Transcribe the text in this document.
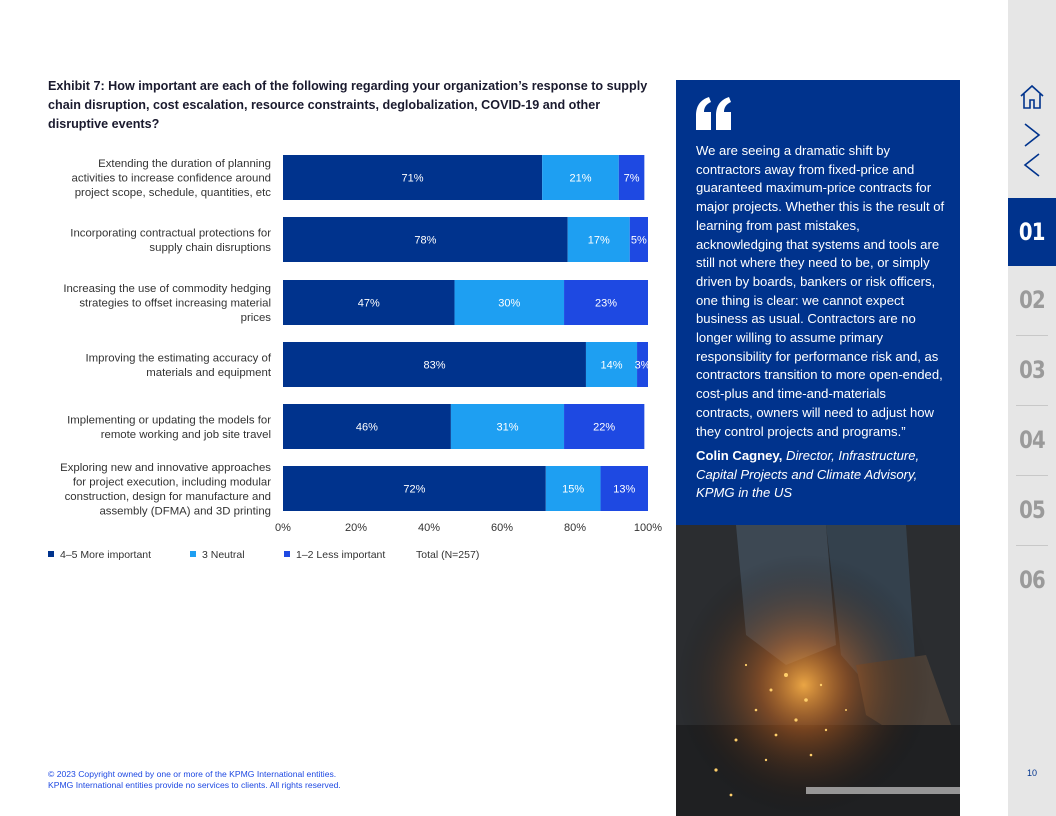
Exhibit 7: How important are each of the following regarding your organization’s response to supply chain disruption, cost escalation, resource constraints, deglobalization, COVID-19 and other disruptive events?
Extending the duration of planning activities to increase confidence around project scope, schedule, quantities, etc
71%	21%	7%
Incorporating contractual protections for supply chain disruptions
78%	17% 5%
Increasing the use of commodity hedging strategies to offset increasing material prices
47%	30%	23%
Improving the estimating accuracy of materials and equipment
83%	14% 3%
Implementing or updating the models for remote working and job site travel
46%	31%	22%
Exploring new and innovative approaches for project execution, including modular construction, design for manufacture and assembly (DFMA) and 3D printing
72%	15%	13%
0%	20%	40%	60%	80%	100%
4–5 More important	3 Neutral	1–2 Less important	Total (N=257)
© 2023 Copyright owned by one or more of the KPMG International entities.
KPMG International entities provide no services to clients. All rights reserved.

We are seeing a dramatic shift by contractors away from fixed-price and guaranteed maximum-price contracts for major projects. Whether this is the result of learning from past mistakes, acknowledging that systems and tools are still not where they need to be, or simply driven by boards, bankers or risk officers, one thing is clear: we cannot expect business as usual. Contractors are no longer willing to assume primary responsibility for performance risk and, as contractors transition to more open-ended, cost-plus and time-and-materials contracts, owners will need to adjust how they control projects and programs.”

Colin Cagney, Director, Infrastructure, Capital Projects and Climate Advisory, KPMG in the US

01
02
03
04
05
06
10
